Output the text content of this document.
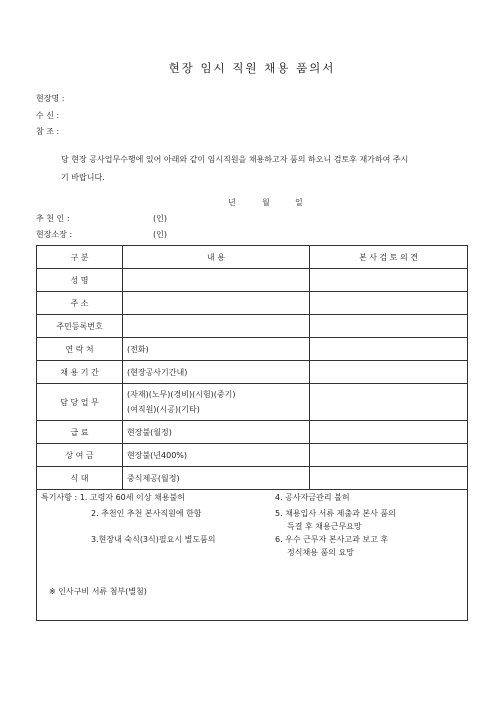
현장 임시 직원 채용 품의서
현장명 :
수 신 :
참 조 :
당 현장 공사업무수행에 있어 아래와 같이 임시직원을 채용하고자 품의 하오니 검토후 재가하여 주시
기 바랍니다.
년	월	일
추 천 인 :	(인)
현장소장 :	(인)
구 분	내 용	본 사 검 토 의 견
성 명		
주 소		
주민등록번호		
연 락 처	(전화)	
채 용 기 간	(현장공사기간내)	
담 당 업 무	(자재)(노무)(경비)(시험)(중기)
(여직원)(시공)(기타)	

급 료	현장불(월정)	
상 여 금	현장불(년400%)	
식 대	중식제공(월정)	
특기사항 : 1. 고령자 60세 이상 채용불허
2. 추천인 추천 본사직원에 한함
3.현장내 숙식(3식)필요시 별도품의
4. 공사자금관리 불허
5. 채용입사 서류 제출과 본사 품의
득결 후 채용근무요망
6. 우수 근무자 본사고과 보고 후
정식채용 품의 요망
※ 인사구비 서류 첨부(별첨)
